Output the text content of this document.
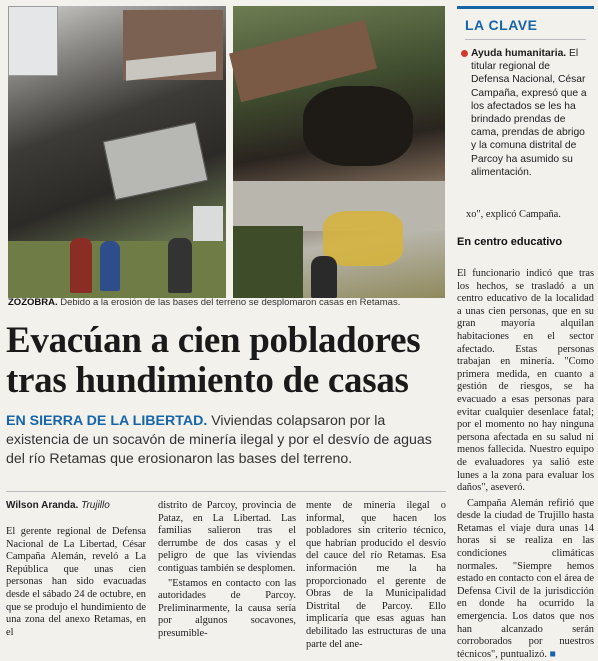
ZOZOBRA. Debido a la erosión de las bases del terreno se desplomaron casas en Retamas.
Evacúan a cien pobladores
tras hundimiento de casas
EN SIERRA DE LA LIBERTAD. Viviendas colapsaron por la existencia de un socavón de minería ilegal y por el desvío de aguas del río Retamas que erosionaron las bases del terreno.
Wilson Aranda. Trujillo

El gerente regional de Defensa Nacional de La Libertad, César Campaña Alemán, reveló a La República que unas cien personas han sido evacuadas desde el sábado 24 de octubre, en que se produjo el hundimiento de una zona del anexo Retamas, en el

distrito de Parcoy, provincia de Pataz, en La Libertad. Las familias salieron tras el derrumbe de dos casas y el peligro de que las viviendas contiguas también se desplomen.

"Estamos en contacto con las autoridades de Parcoy. Preliminarmente, la causa sería por algunos socavones, presumible-

mente de minería ilegal o informal, que hacen los pobladores sin criterio técnico, que habrían producido el desvío del cauce del río Retamas. Esa información me la ha proporcionado el gerente de Obras de la Municipalidad Distrital de Parcoy. Ello implicaría que esas aguas han debilitado las estructuras de una parte del ane-

LA CLAVE
Ayuda humanitaria. El titular regional de Defensa Nacional, César Campaña, expresó que a los afectados se les ha brindado prendas de cama, prendas de abrigo y la comuna distrital de Parcoy ha asumido su alimentación.
xo", explicó Campaña.
En centro educativo

El funcionario indicó que tras los hechos, se trasladó a un centro educativo de la localidad a unas cien personas, que en su gran mayoría alquilan habitaciones en el sector afectado. Estas personas trabajan en minería. "Como primera medida, en cuanto a gestión de riesgos, se ha evacuado a esas personas para evitar cualquier desenlace fatal; por el momento no hay ninguna persona afectada en su salud ni menos fallecida. Nuestro equipo de evaluadores ya salió este lunes a la zona para evaluar los daños", aseveró.

Campaña Alemán refirió que desde la ciudad de Trujillo hasta Retamas el viaje dura unas 14 horas si se realiza en las condiciones climáticas normales. "Siempre hemos estado en contacto con el área de Defensa Civil de la jurisdicción en donde ha ocurrido la emergencia. Los datos que nos han alcanzado serán corroborados por nuestros técnicos", puntualizó. ■
